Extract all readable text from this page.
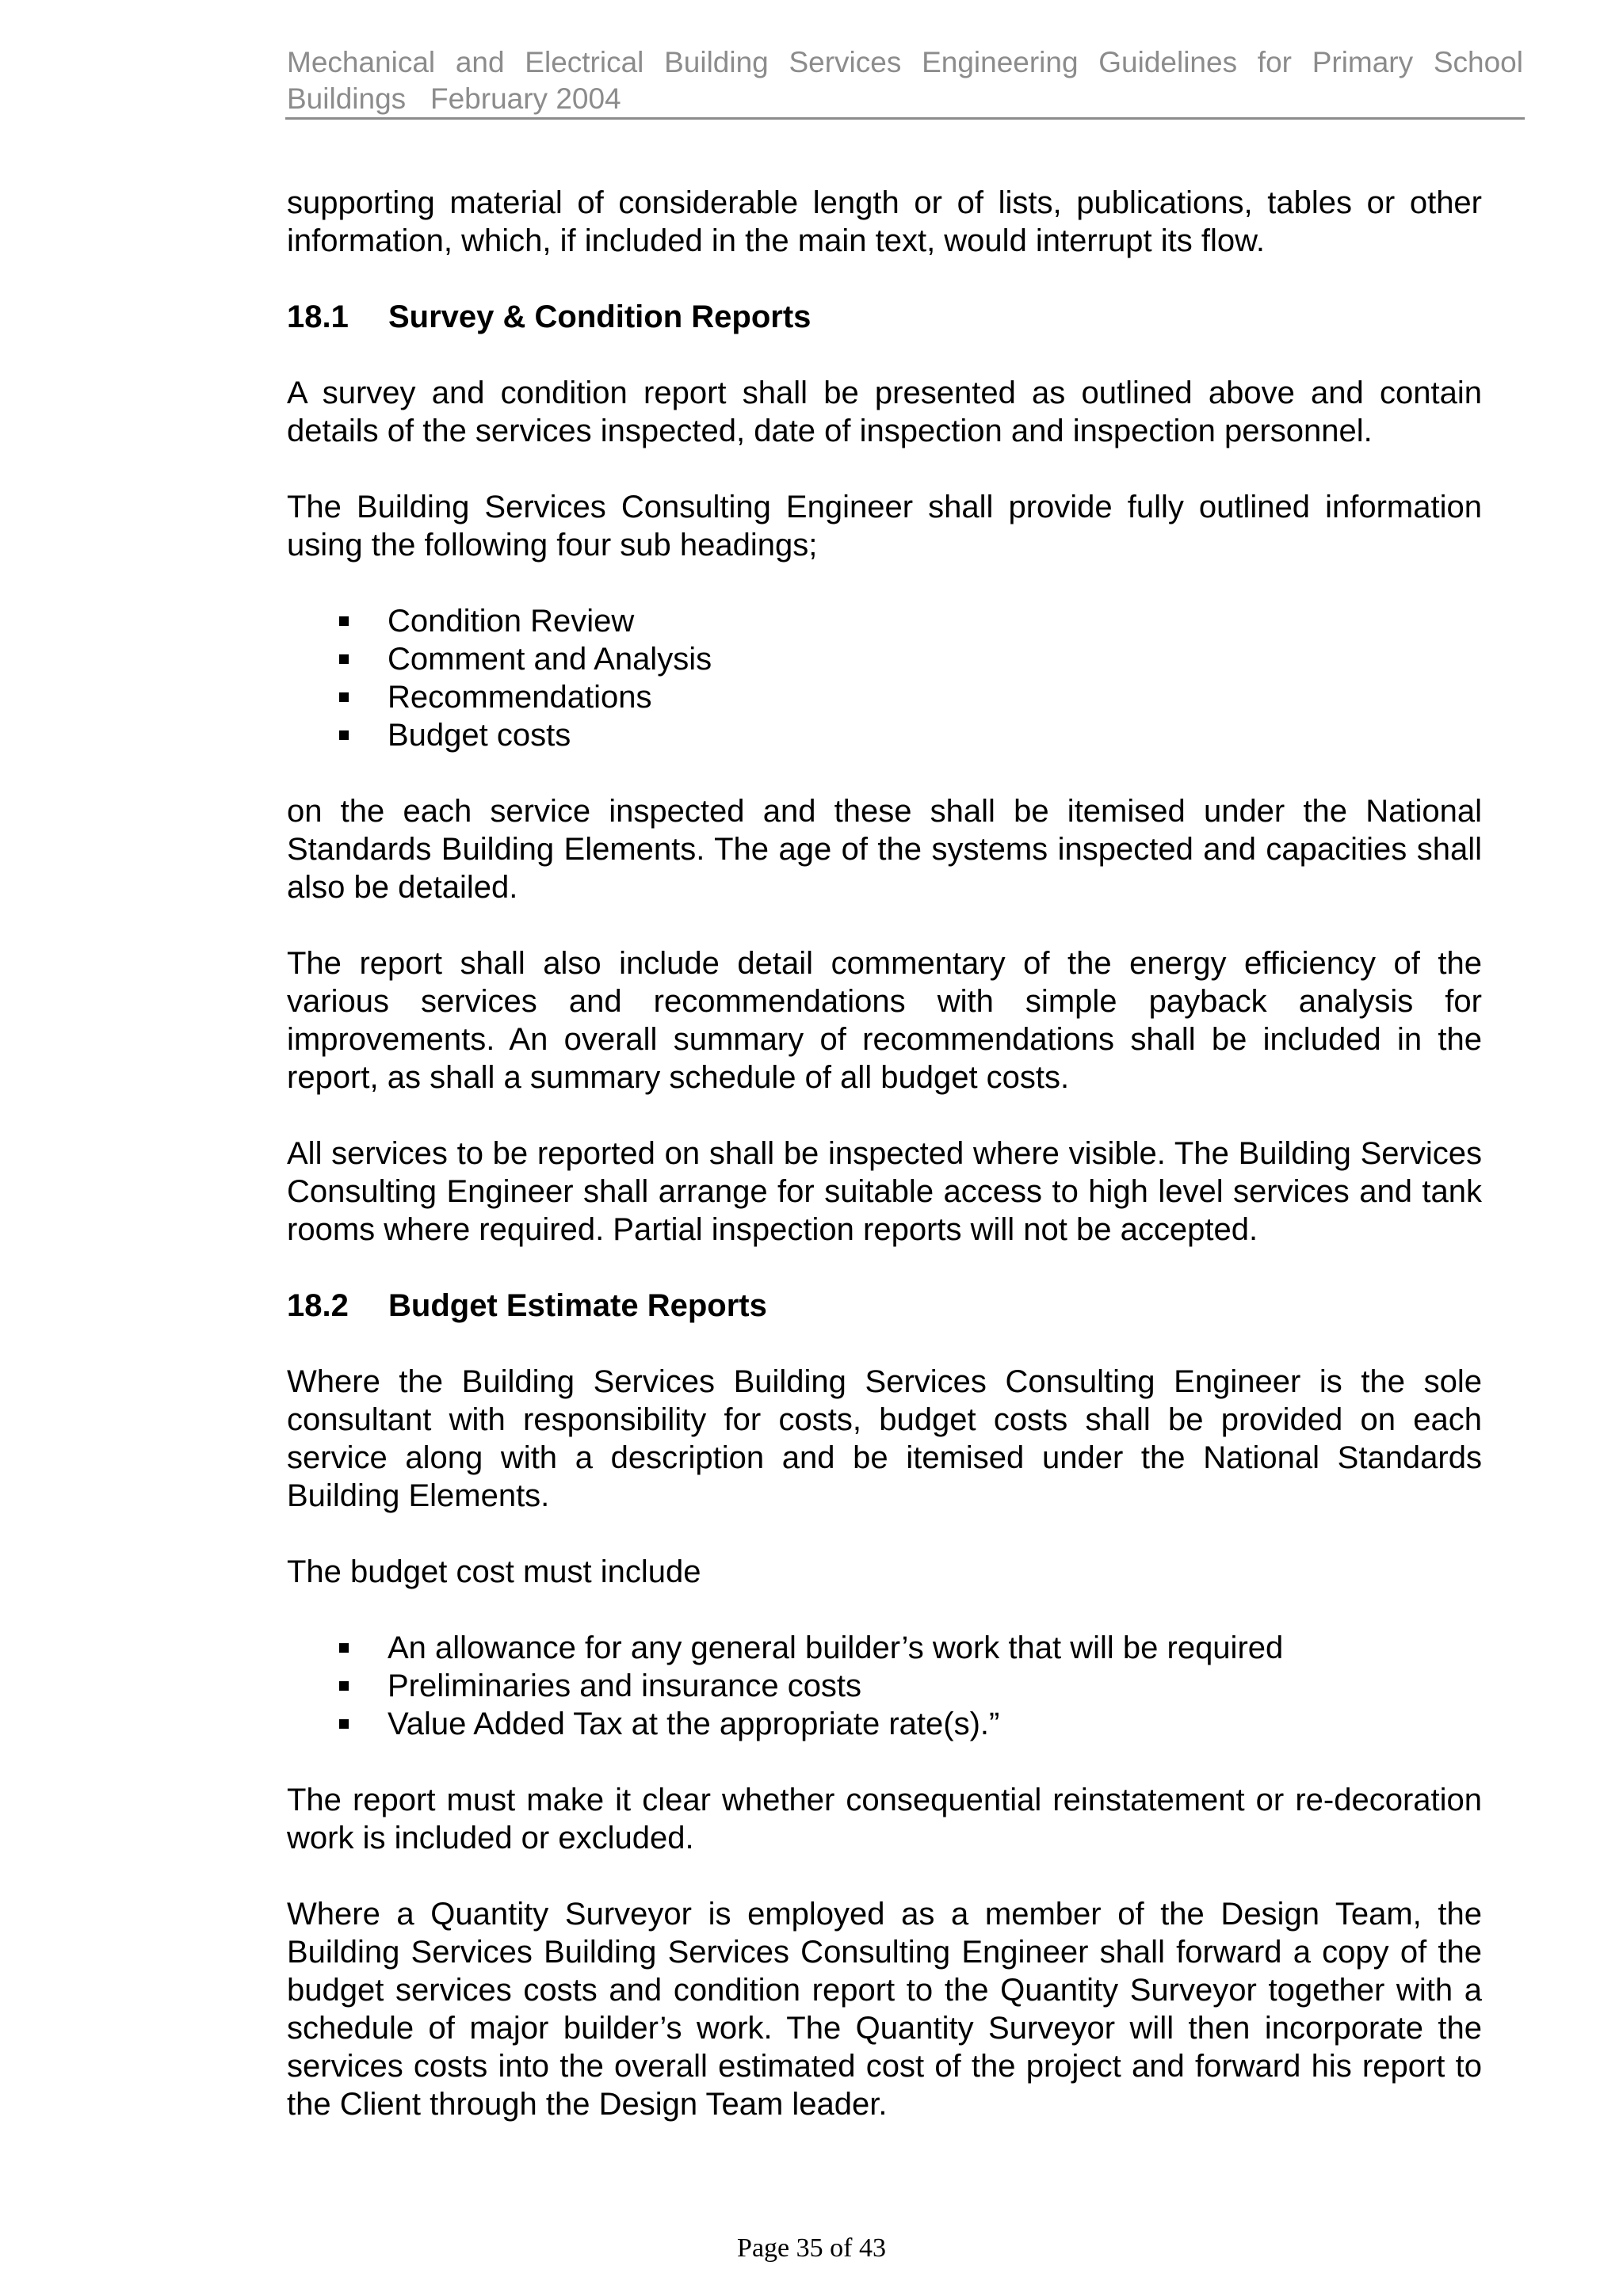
Mechanical and Electrical Building Services Engineering Guidelines for Primary School
Buildings   February 2004

supporting material of considerable length or of lists, publications, tables or other information, which, if included in the main text, would interrupt its flow.

18.1 Survey & Condition Reports

A survey and condition report shall be presented as outlined above and contain details of the services inspected, date of inspection and inspection personnel.

The Building Services Consulting Engineer shall provide fully outlined information using the following four sub headings;

Condition Review
Comment and Analysis
Recommendations
Budget costs

on the each service inspected and these shall be itemised under the National Standards Building Elements. The age of the systems inspected and capacities shall also be detailed.

The report shall also include detail commentary of the energy efficiency of the various services and recommendations with simple payback analysis for improvements. An overall summary of recommendations shall be included in the report, as shall a summary schedule of all budget costs.

All services to be reported on shall be inspected where visible. The Building Services Consulting Engineer shall arrange for suitable access to high level services and tank rooms where required. Partial inspection reports will not be accepted.

18.2 Budget Estimate Reports

Where the Building Services Building Services Consulting Engineer is the sole consultant with responsibility for costs, budget costs shall be provided on each service along with a description and be itemised under the National Standards Building Elements.

The budget cost must include

An allowance for any general builder’s work that will be required
Preliminaries and insurance costs
Value Added Tax at the appropriate rate(s).”

The report must make it clear whether consequential reinstatement or re-decoration work is included or excluded.

Where a Quantity Surveyor is employed as a member of the Design Team, the Building Services Building Services Consulting Engineer shall forward a copy of the budget services costs and condition report to the Quantity Surveyor together with a schedule of major builder’s work. The Quantity Surveyor will then incorporate the services costs into the overall estimated cost of the project and forward his report to the Client through the Design Team leader.

Page 35 of 43
